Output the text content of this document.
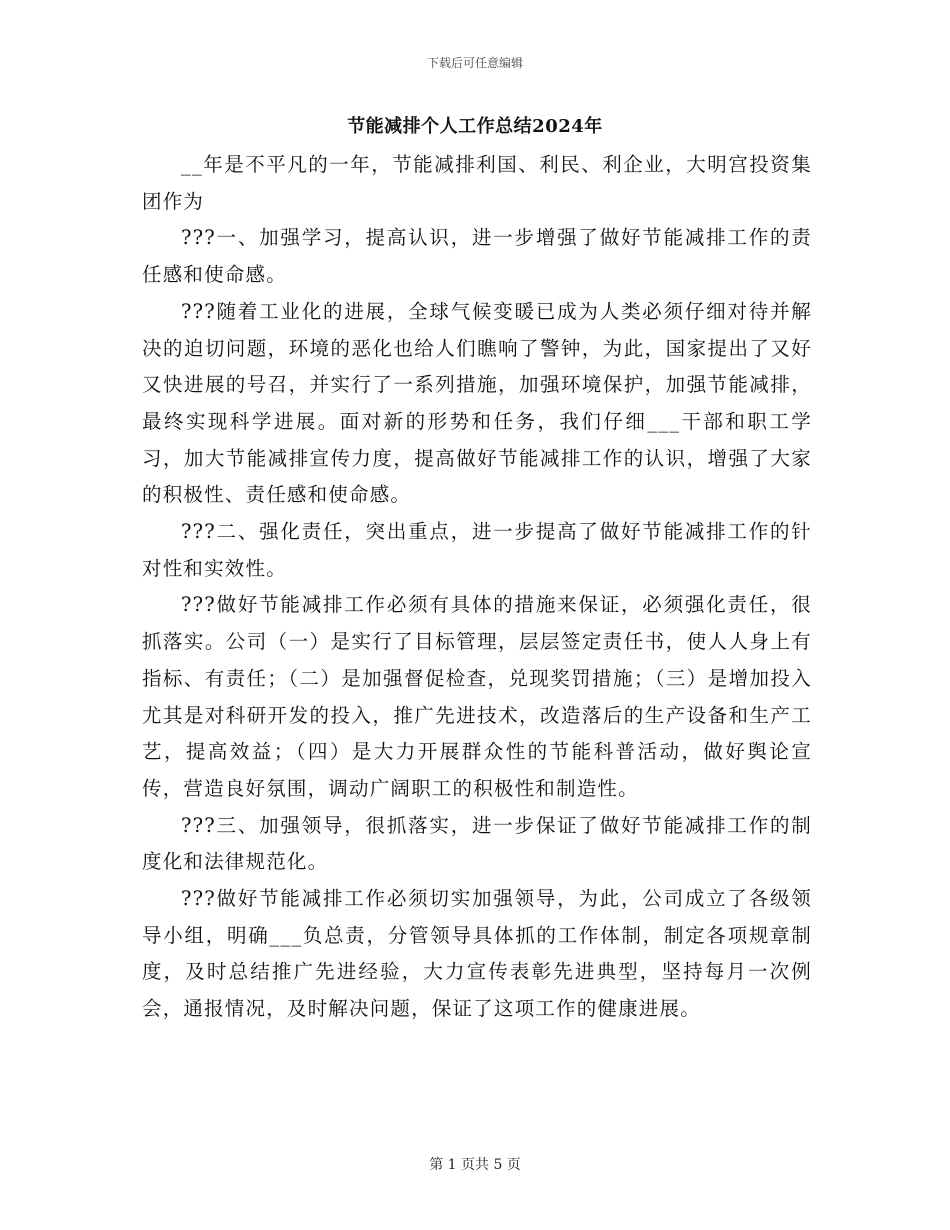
下载后可任意编辑
节能减排个人工作总结2024年

__年是不平凡的一年，节能减排利国、利民、利企业，大明宫投资集团作为

???一、加强学习，提高认识，进一步增强了做好节能减排工作的责任感和使命感。

???随着工业化的进展，全球气候变暖已成为人类必须仔细对待并解决的迫切问题，环境的恶化也给人们瞧响了警钟，为此，国家提出了又好又快进展的号召，并实行了一系列措施，加强环境保护，加强节能减排，最终实现科学进展。面对新的形势和任务，我们仔细___干部和职工学习，加大节能减排宣传力度，提高做好节能减排工作的认识，增强了大家的积极性、责任感和使命感。

???二、强化责任，突出重点，进一步提高了做好节能减排工作的针对性和实效性。

???做好节能减排工作必须有具体的措施来保证，必须强化责任，很抓落实。公司（一）是实行了目标管理，层层签定责任书，使人人身上有指标、有责任；（二）是加强督促检查，兑现奖罚措施；（三）是增加投入尤其是对科研开发的投入，推广先进技术，改造落后的生产设备和生产工艺，提高效益；（四）是大力开展群众性的节能科普活动，做好舆论宣传，营造良好氛围，调动广阔职工的积极性和制造性。

???三、加强领导，很抓落实，进一步保证了做好节能减排工作的制度化和法律规范化。

???做好节能减排工作必须切实加强领导，为此，公司成立了各级领导小组，明确___负总责，分管领导具体抓的工作体制，制定各项规章制度，及时总结推广先进经验，大力宣传表彰先进典型，坚持每月一次例会，通报情况，及时解决问题，保证了这项工作的健康进展。

第 1 页共 5 页
